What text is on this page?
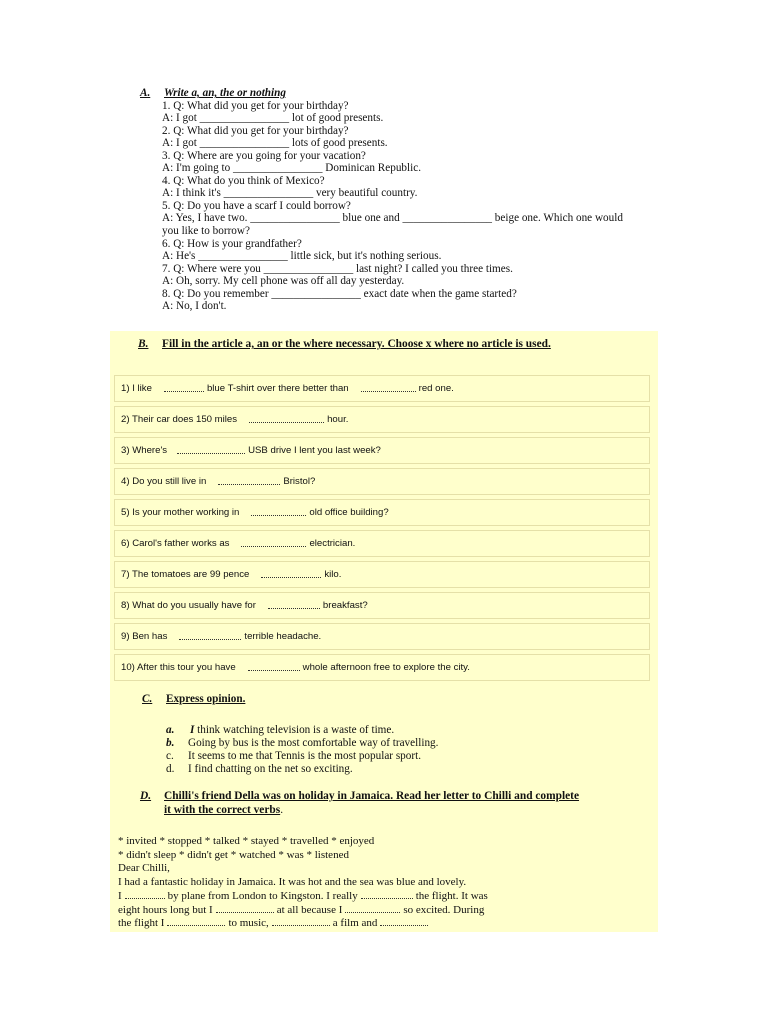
A. Write a, an, the or nothing
1. Q: What did you get for your birthday?
A: I got ________________ lot of good presents.
2. Q: What did you get for your birthday?
A: I got ________________ lots of good presents.
3. Q: Where are you going for your vacation?
A: I'm going to ________________ Dominican Republic.
4. Q: What do you think of Mexico?
A: I think it's ________________ very beautiful country.
5. Q: Do you have a scarf I could borrow?
A: Yes, I have two. ________________ blue one and ________________ beige one. Which one would you like to borrow?
6. Q: How is your grandfather?
A: He's ________________ little sick, but it's nothing serious.
7. Q: Where were you ________________ last night? I called you three times.
A: Oh, sorry. My cell phone was off all day yesterday.
8. Q: Do you remember ________________ exact date when the game started?
A: No, I don't.
B. Fill in the article a, an or the where necessary. Choose x where no article is used.
1) I like	blue T-shirt over there better than	red one.
2) Their car does 150 miles	hour.
3) Where's	USB drive I lent you last week?
4) Do you still live in	Bristol?
5) Is your mother working in	old office building?
6) Carol's father works as	electrician.
7) The tomatoes are 99 pence	kilo.
8) What do you usually have for	breakfast?
9) Ben has	terrible headache.
10) After this tour you have	whole afternoon free to explore the city.
C. Express opinion.
a. I think watching television is a waste of time.
b. Going by bus is the most comfortable way of travelling.
c. It seems to me that Tennis is the most popular sport.
d. I find chatting on the net so exciting.
D. Chilli's friend Della was on holiday in Jamaica. Read her letter to Chilli and complete
it with the correct verbs.
* invited * stopped * talked * stayed * travelled * enjoyed
* didn't sleep * didn't get * watched * was * listened
Dear Chilli,
I had a fantastic holiday in Jamaica. It was hot and the sea was blue and lovely.
I	by plane from London to Kingston. I really	the flight. It was
eight hours long but I	at all because I	so excited. During
the flight I	to music,	a film and
